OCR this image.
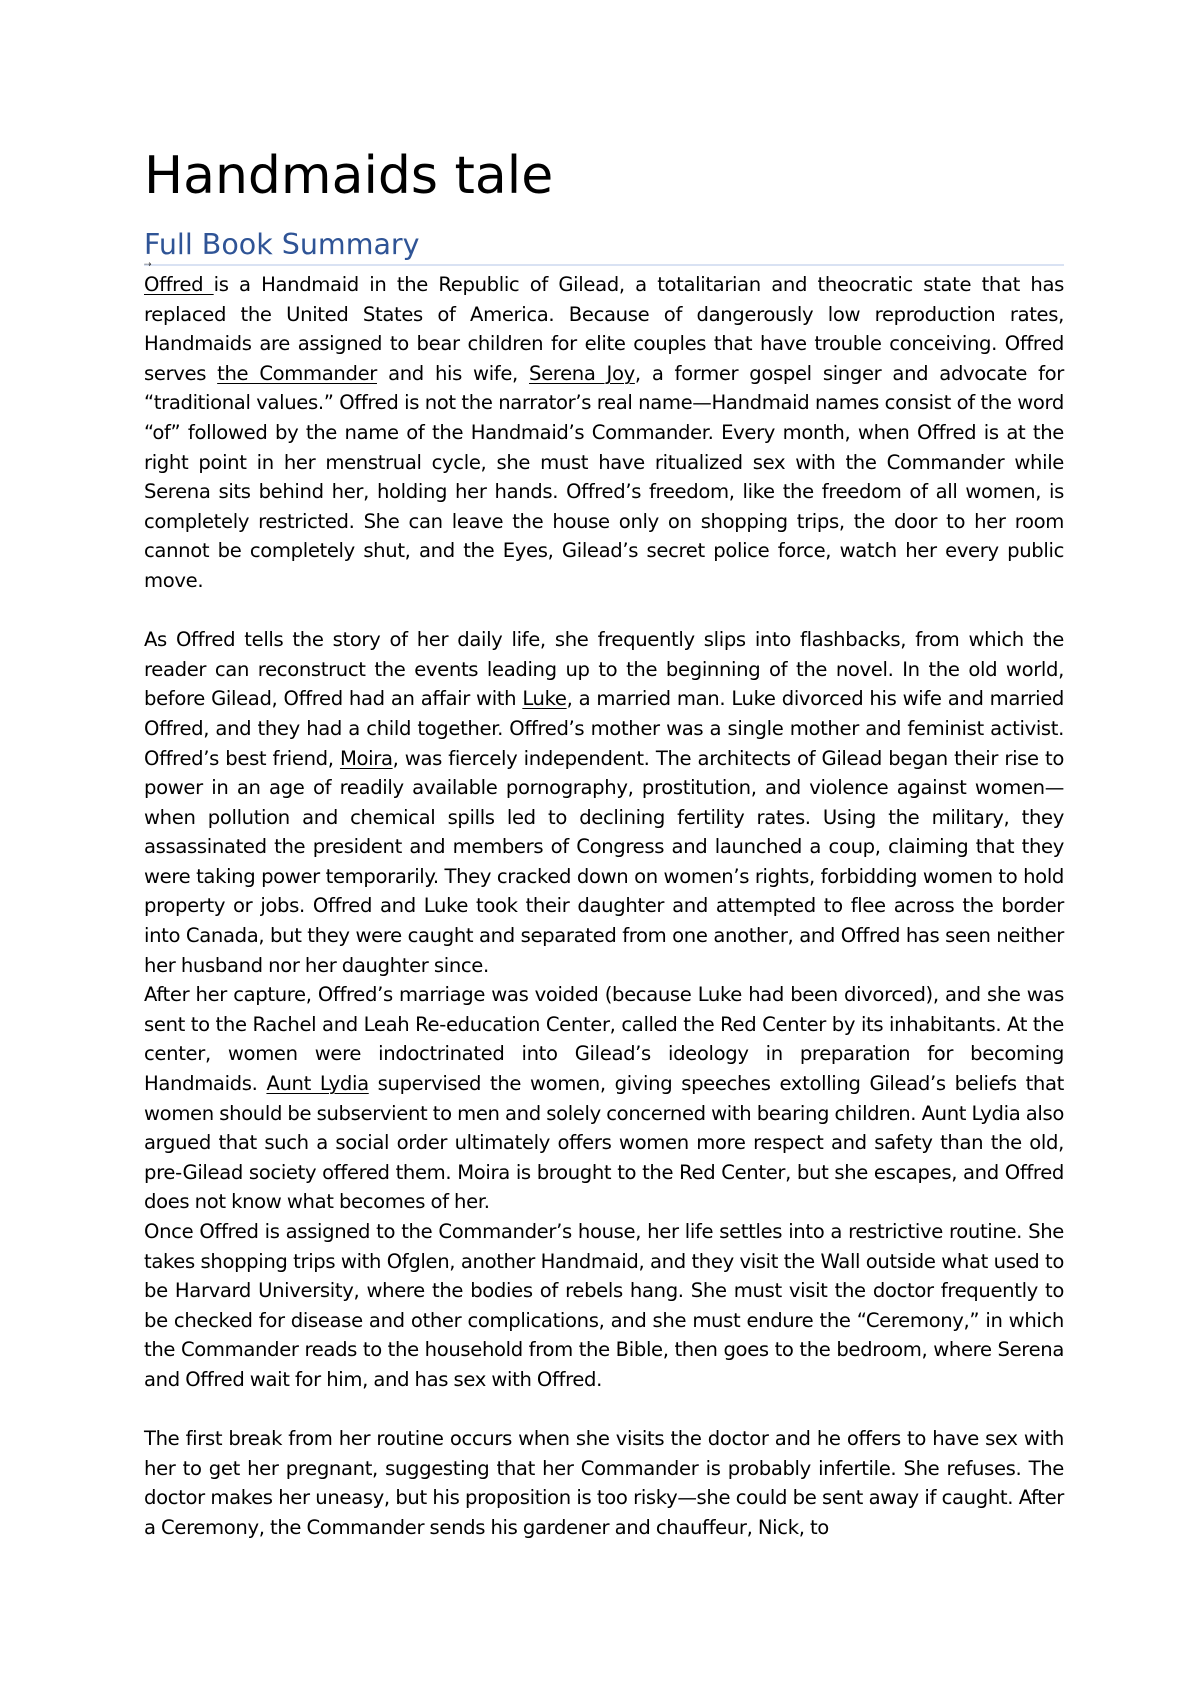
Handmaids tale
Full Book Summary
⇢

Offred is a Handmaid in the Republic of Gilead, a totalitarian and theocratic state that has replaced the United States of America. Because of dangerously low reproduction rates, Handmaids are assigned to bear children for elite couples that have trouble conceiving. Offred serves the Commander and his wife, Serena Joy, a former gospel singer and advocate for “traditional values.” Offred is not the narrator’s real name—Handmaid names consist of the word “of” followed by the name of the Handmaid’s Commander. Every month, when Offred is at the right point in her menstrual cycle, she must have ritualized sex with the Commander while Serena sits behind her, holding her hands. Offred’s freedom, like the freedom of all women, is completely restricted. She can leave the house only on shopping trips, the door to her room cannot be completely shut, and the Eyes, Gilead’s secret police force, watch her every public move.

As Offred tells the story of her daily life, she frequently slips into flashbacks, from which the reader can reconstruct the events leading up to the beginning of the novel. In the old world, before Gilead, Offred had an affair with Luke, a married man. Luke divorced his wife and married Offred, and they had a child together. Offred’s mother was a single mother and feminist activist. Offred’s best friend, Moira, was fiercely independent. The architects of Gilead began their rise to power in an age of readily available pornography, prostitution, and violence against women—when pollution and chemical spills led to declining fertility rates. Using the military, they assassinated the president and members of Congress and launched a coup, claiming that they were taking power temporarily. They cracked down on women’s rights, forbidding women to hold property or jobs. Offred and Luke took their daughter and attempted to flee across the border into Canada, but they were caught and separated from one another, and Offred has seen neither her husband nor her daughter since.

After her capture, Offred’s marriage was voided (because Luke had been divorced), and she was sent to the Rachel and Leah Re-education Center, called the Red Center by its inhabitants. At the center, women were indoctrinated into Gilead’s ideology in preparation for becoming Handmaids. Aunt Lydia supervised the women, giving speeches extolling Gilead’s beliefs that women should be subservient to men and solely concerned with bearing children. Aunt Lydia also argued that such a social order ultimately offers women more respect and safety than the old, pre-Gilead society offered them. Moira is brought to the Red Center, but she escapes, and Offred does not know what becomes of her.

Once Offred is assigned to the Commander’s house, her life settles into a restrictive routine. She takes shopping trips with Ofglen, another Handmaid, and they visit the Wall outside what used to be Harvard University, where the bodies of rebels hang. She must visit the doctor frequently to be checked for disease and other complications, and she must endure the “Ceremony,” in which the Commander reads to the household from the Bible, then goes to the bedroom, where Serena and Offred wait for him, and has sex with Offred.

The first break from her routine occurs when she visits the doctor and he offers to have sex with her to get her pregnant, suggesting that her Commander is probably infertile. She refuses. The doctor makes her uneasy, but his proposition is too risky—she could be sent away if caught. After a Ceremony, the Commander sends his gardener and chauffeur, Nick, to
